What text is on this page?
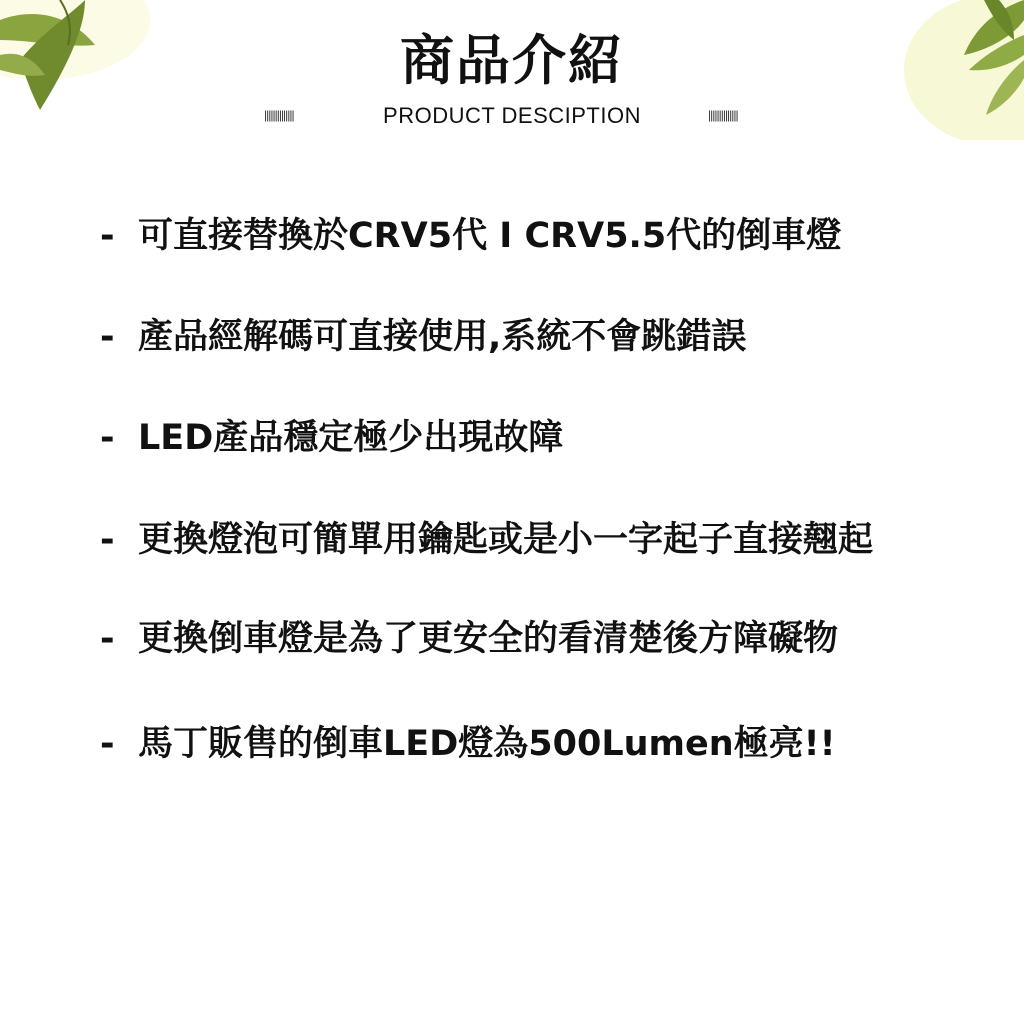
商品介紹
||||||||||||||	PRODUCT DESCIPTION	||||||||||||||
- 可直接替換於CRV5代 I CRV5.5代的倒車燈
- 產品經解碼可直接使用,系統不會跳錯誤
- LED產品穩定極少出現故障
- 更換燈泡可簡單用鑰匙或是小一字起子直接翹起
- 更換倒車燈是為了更安全的看清楚後方障礙物
- 馬丁販售的倒車LED燈為500Lumen極亮!!
